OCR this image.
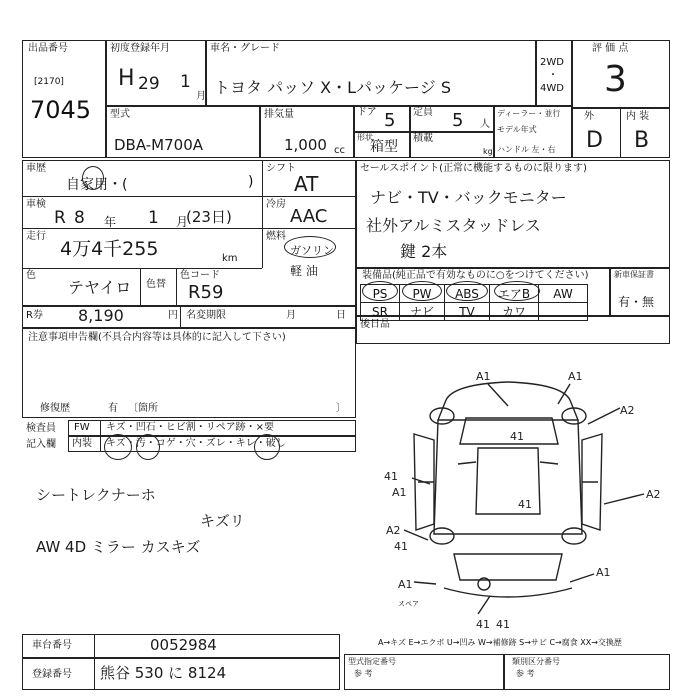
出品番号
[2170]
7045
初度登録年月
H 29 1
月
車名・グレード
トヨタ パッソ X・Lパッケージ S
2WD
・
4WD
評 価 点
3
型式
DBA-M700A
排気量
1,000 cc
ドア 5 定員 5 人
形状
箱型
積載
kg
ディーラー・並行
モデル年式
ハンドル 左・右
外	内 装
D B
車歴
自家用・(	)
車検
R 8 年 1 月
(23日)
走行
4万4千255	km
シフト
AT
冷房
AAC
燃料
ガソリン
軽 油
色
テヤイロ 色替
色コード
R59
R券 8,190	円 名変期限	月	日
セールスポイント(正常に機能するものに限ります)
ナビ・TV・バックモニター
社外アルミスタッドレス
鍵 2本
装備品(純正品で有効なものに○をつけてください)
PS	PW	ABS	エアB	AW
SR	ナビ	TV	カワ	
新車保証書
有・無
後日品
注意事項申告欄(不具合内容等は具体的に記入して下さい)
修復歴	有 〔箇所	〕
検査員
記入欄
FW キズ・凹石・ヒビ割・リペア跡・×要
内装 キズ・汚・コゲ・穴・ズレ・キレ・破し
シートレクナーホ
キズリ
AW 4D ミラー カスキズ
A1	A1
A2
41
41
A1	A2
41
A1
A1
A2
41
41 41
スペア
A→キズ E→エクボ U→凹み W→補修跡 S→サビ C→腐食 XX→交換歴
車台番号	0052984
登録番号 熊谷 530 に 8124
型式指定番号
参 考
類別区分番号
参 考
